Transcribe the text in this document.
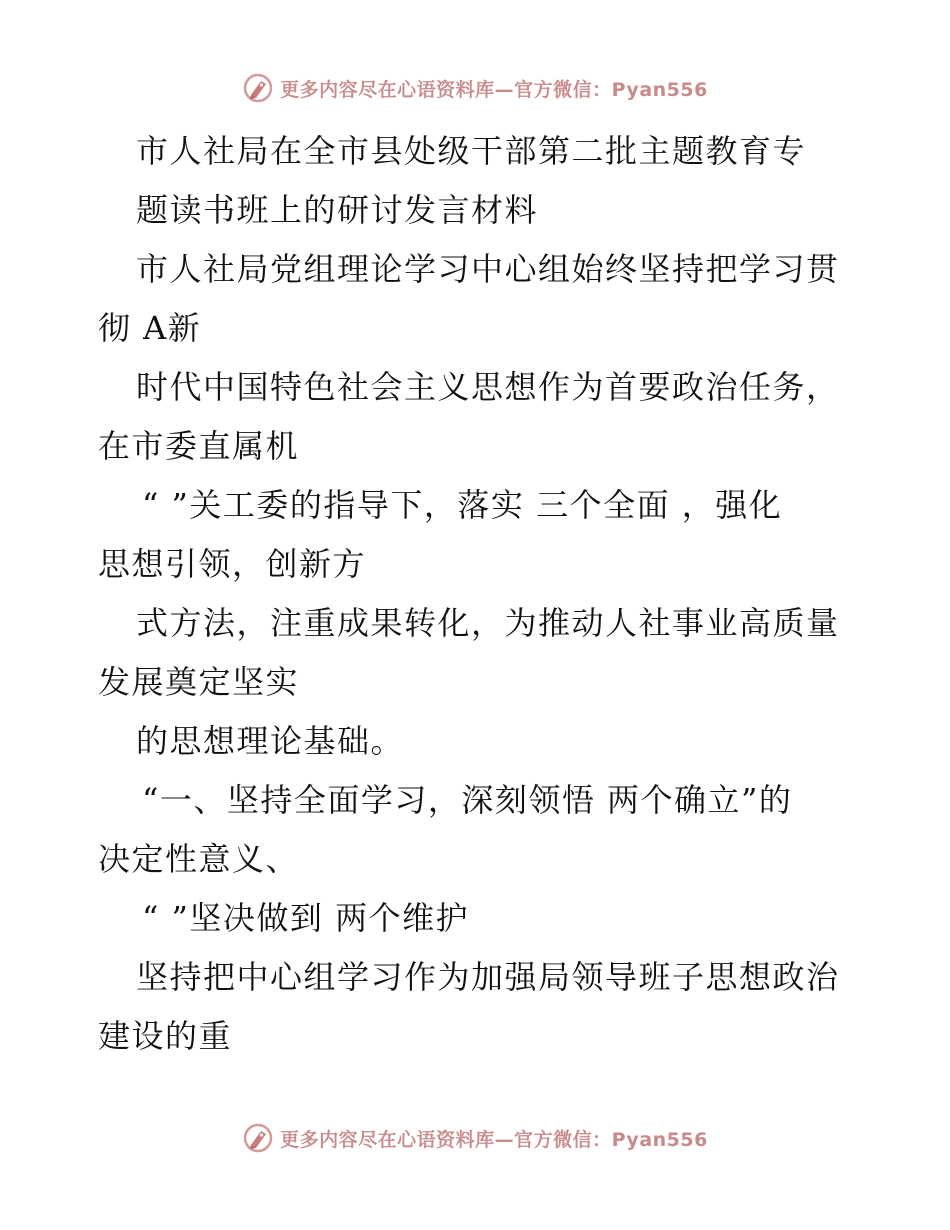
更多内容尽在心语资料库—官方微信：Pyan556
市人社局在全市县处级干部第二批主题教育专
题读书班上的研讨发言材料
市人社局党组理论学习中心组始终坚持把学习贯
彻 A新
时代中国特色社会主义思想作为首要政治任务，
在市委直属机
“ ”关工委的指导下，落实 三个全面 ，强化
思想引领，创新方
式方法，注重成果转化，为推动人社事业高质量
发展奠定坚实
的思想理论基础。
“一、坚持全面学习，深刻领悟 两个确立”的
决定性意义、
“ ”坚决做到 两个维护
坚持把中心组学习作为加强局领导班子思想政治
建设的重
更多内容尽在心语资料库—官方微信：Pyan556
